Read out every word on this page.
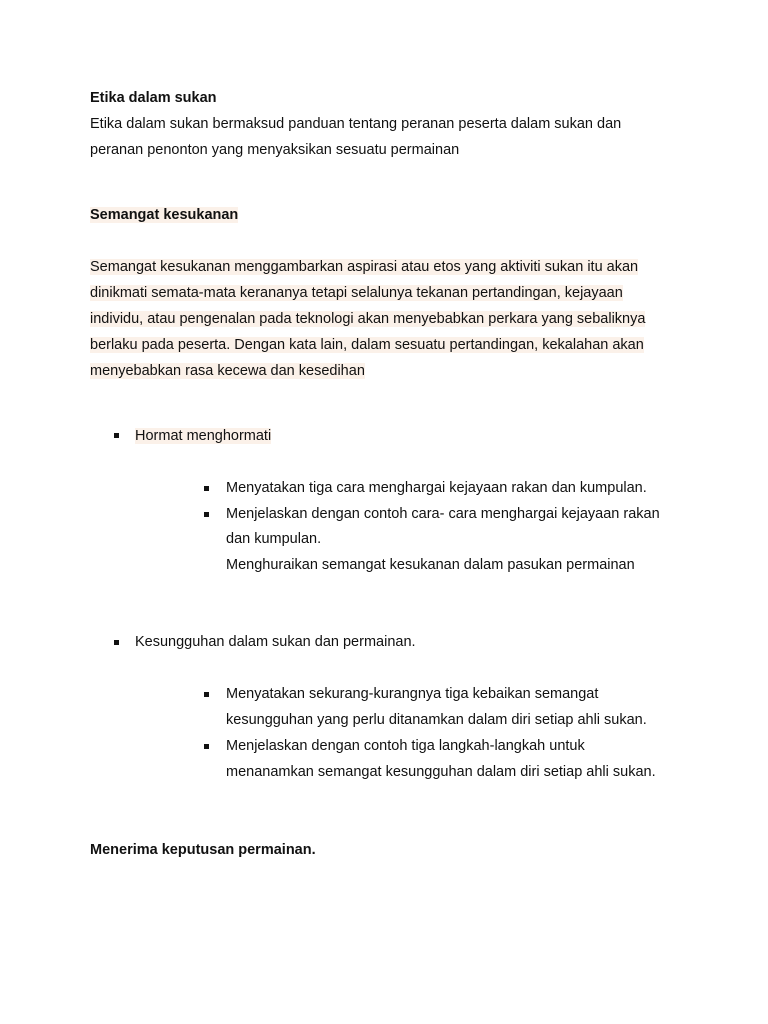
Etika dalam sukan
Etika dalam sukan bermaksud panduan tentang peranan peserta dalam sukan dan
peranan penonton yang menyaksikan sesuatu permainan
Semangat kesukanan
Semangat kesukanan menggambarkan aspirasi atau etos yang aktiviti sukan itu akan
dinikmati semata-mata kerananya tetapi selalunya tekanan pertandingan, kejayaan
individu, atau pengenalan pada teknologi akan menyebabkan perkara yang sebaliknya
berlaku pada peserta. Dengan kata lain, dalam sesuatu pertandingan, kekalahan akan
menyebabkan rasa kecewa dan kesedihan
Hormat menghormati
Menyatakan tiga cara menghargai kejayaan rakan dan kumpulan.
Menjelaskan dengan contoh cara- cara menghargai kejayaan rakan
dan kumpulan.
Menghuraikan semangat kesukanan dalam pasukan permainan
Kesungguhan dalam sukan dan permainan.
Menyatakan sekurang-kurangnya tiga kebaikan semangat
kesungguhan yang perlu ditanamkan dalam diri setiap ahli sukan.
Menjelaskan dengan contoh tiga langkah-langkah untuk
menanamkan semangat kesungguhan dalam diri setiap ahli sukan.
Menerima keputusan permainan.
